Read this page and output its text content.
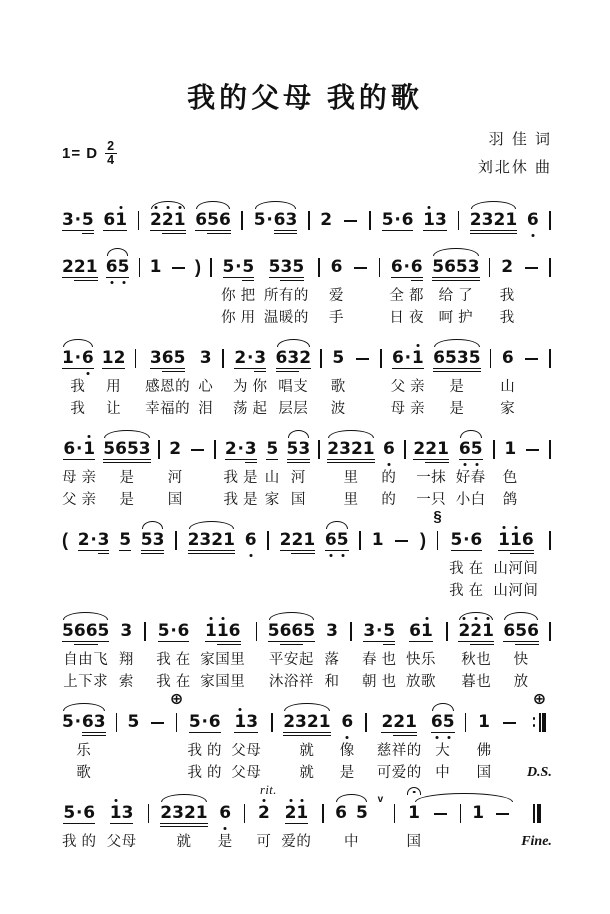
我的父母 我的歌
1= D $\frac{2}{4}$	羽 佳 词
刘北休 曲
3 · 5 6 1 2 2 1 6 5 6 5 · 6 3 2	5 · 6 1 3 2 3 2 1 6
2 2 1 6 5 1 ) 5 · 5
你 把
你 用
5 3 5
所有的
温暖的
6
爱
手
6 · 6
全 都
日 夜
5 6 5 3
给 了
呵 护
2
我
我
1 · 6
我
我
1 2
用
让
3 6 5
感恩的
幸福的
3
心
泪
2 · 3
为 你
荡 起
6 3 2
唱支
层层
5
歌
波
6 · 1
父 亲
母 亲
6 5 3 5
是
是
6
山
家
6 · 1
母 亲
父 亲
5 6 5 3
是
是
2
河
国
2 · 3
我 是
我 是
5
山
家
5 3
河
国
2 3 2 1
里
里
6
的
的
2 2 1
一抹
一只
6 5
好春
小白
1
色
鸽
( 2 · 3 5 5 3 2 3 2 1 6 2 2 1 6 5 1 )
§
5 · 6
我 在
我 在
1 1 6
山河间
山河间
5 6 6 5
自由飞
上下求
3
翔
索
5 · 6
我 在
我 在
1 1 6
家国里
家国里
5 6 6 5
平安起
沐浴祥
3
落
和
3 · 5
春 也
朝 也
6 1
快乐
放歌
2 2 1
秋也
暮也
6 5 6
快
放
5 · 6 3
乐
歌
5
⊕
5 · 6
我 的
我 的
1 3
父母
父母
2 3 2 1
就
就
6
像
是
2 2 1
慈祥的
可爱的
6 5
大
中
1
佛
国
⊕
D.S.
5 · 6
我 的
1 3
父母
2 3 2 1
就
6
是
2
rit.
可
2 1
爱的
6 5
中
v
1
国
1
Fine.
